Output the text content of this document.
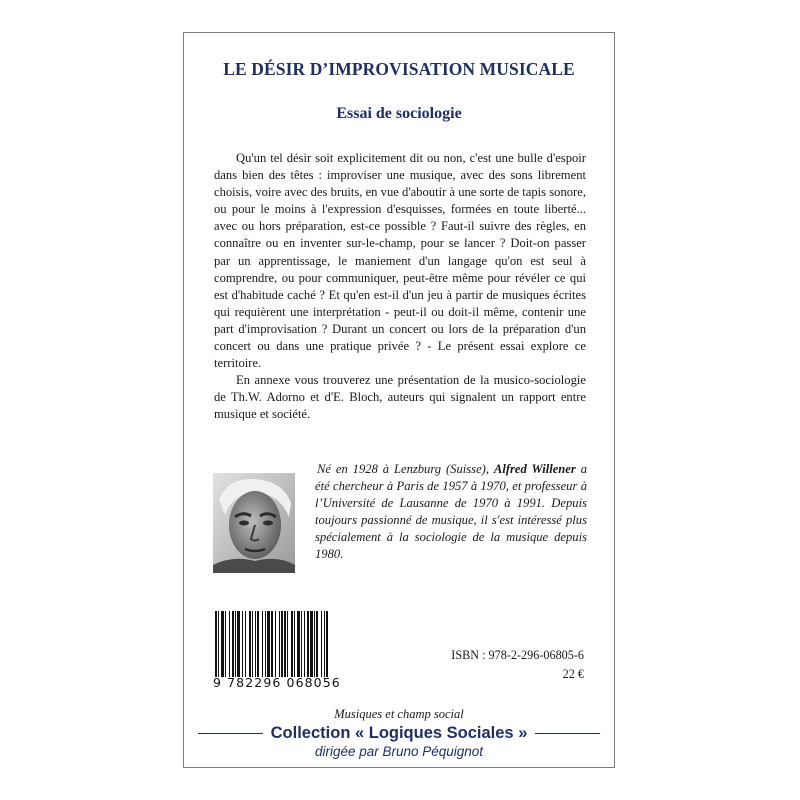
LE DÉSIR D’IMPROVISATION MUSICALE
Essai de sociologie

Qu'un tel désir soit explicitement dit ou non, c'est une bulle d'espoir dans bien des têtes : improviser une musique, avec des sons librement choisis, voire avec des bruits, en vue d'aboutir à une sorte de tapis sonore, ou pour le moins à l'expression d'esquisses, formées en toute liberté... avec ou hors préparation, est-ce possible ? Faut-il suivre des règles, en connaître ou en inventer sur-le-champ, pour se lancer ? Doit-on passer par un apprentissage, le maniement d'un langage qu'on est seul à comprendre, ou pour communiquer, peut-être même pour révéler ce qui est d'habitude caché ? Et qu'en est-il d'un jeu à partir de musiques écrites qui requièrent une interprétation - peut-il ou doit-il même, contenir une part d'improvisation ? Durant un concert ou lors de la préparation d'un concert ou dans une pratique privée ? - Le présent essai explore ce territoire.

En annexe vous trouverez une présentation de la musico-sociologie de Th.W. Adorno et d'E. Bloch, auteurs qui signalent un rapport entre musique et société.

Né en 1928 à Lenzburg (Suisse), Alfred Willener a été chercheur à Paris de 1957 à 1970, et professeur à l’Université de Lausanne de 1970 à 1991. Depuis toujours passionné de musique, il s'est intéressé plus spécialement à la sociologie de la musique depuis 1980.
9 782296 068056
ISBN : 978-2-296-06805-6
22 €
Musiques et champ social
Collection « Logiques Sociales »
dirigée par Bruno Péquignot
